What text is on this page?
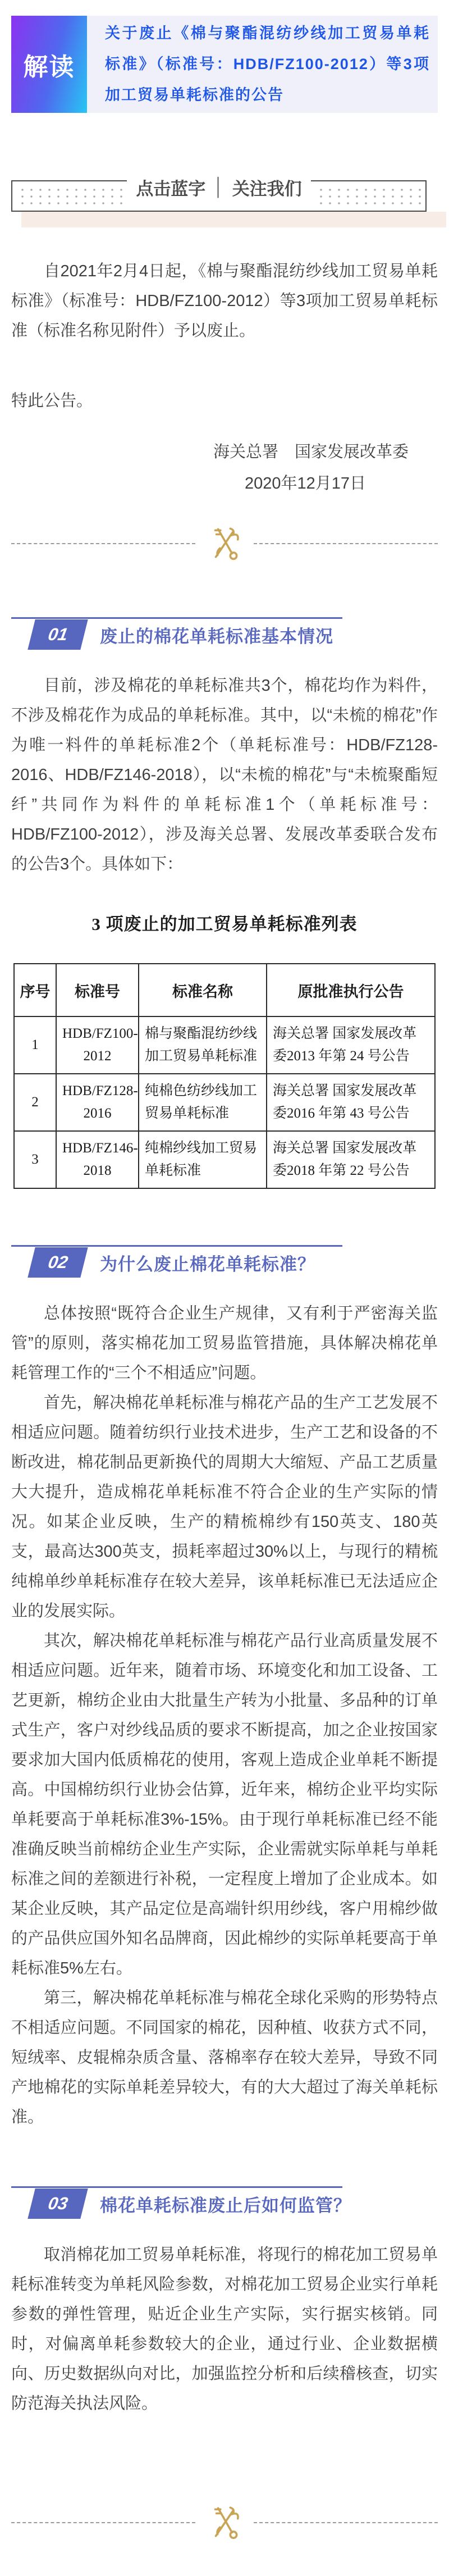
解读
关于废止《棉与聚酯混纺纱线加工贸易单耗标准》（标准号：HDB/FZ100-2012）等3项加工贸易单耗标准的公告
点击蓝字 │ 关注我们

自2021年2月4日起，《棉与聚酯混纺纱线加工贸易单耗标准》（标准号：HDB/FZ100-2012）等3项加工贸易单耗标准（标准名称见附件）予以废止。

特此公告。

海关总署　国家发展改革委
2020年12月17日
01 废止的棉花单耗标准基本情况

目前，涉及棉花的单耗标准共3个，棉花均作为料件，不涉及棉花作为成品的单耗标准。其中，以“未梳的棉花”作为唯一料件的单耗标准2个（单耗标准号：HDB/FZ128-2016、HDB/FZ146-2018），以“未梳的棉花”与“未梳聚酯短纤”共同作为料件的单耗标准1个（单耗标准号：HDB/FZ100-2012），涉及海关总署、发展改革委联合发布的公告3个。具体如下：

3 项废止的加工贸易单耗标准列表
序号	标准号	标准名称	原批准执行公告
1	HDB/FZ100-2012	棉与聚酯混纺纱线加工贸易单耗标准	海关总署 国家发展改革委2013 年第 24 号公告
2	HDB/FZ128-2016	纯棉色纺纱线加工贸易单耗标准	海关总署 国家发展改革委2016 年第 43 号公告
3	HDB/FZ146-2018	纯棉纱线加工贸易单耗标准	海关总署 国家发展改革委2018 年第 22 号公告
02 为什么废止棉花单耗标准？

总体按照“既符合企业生产规律，又有利于严密海关监管”的原则，落实棉花加工贸易监管措施，具体解决棉花单耗管理工作的“三个不相适应”问题。

首先，解决棉花单耗标准与棉花产品的生产工艺发展不相适应问题。随着纺织行业技术进步，生产工艺和设备的不断改进，棉花制品更新换代的周期大大缩短、产品工艺质量大大提升，造成棉花单耗标准不符合企业的生产实际的情况。如某企业反映，生产的精梳棉纱有150英支、180英支，最高达300英支，损耗率超过30%以上，与现行的精梳纯棉单纱单耗标准存在较大差异，该单耗标准已无法适应企业的发展实际。

其次，解决棉花单耗标准与棉花产品行业高质量发展不相适应问题。近年来，随着市场、环境变化和加工设备、工艺更新，棉纺企业由大批量生产转为小批量、多品种的订单式生产，客户对纱线品质的要求不断提高，加之企业按国家要求加大国内低质棉花的使用，客观上造成企业单耗不断提高。中国棉纺织行业协会估算，近年来，棉纺企业平均实际单耗要高于单耗标准3%-15%。由于现行单耗标准已经不能准确反映当前棉纺企业生产实际，企业需就实际单耗与单耗标准之间的差额进行补税，一定程度上增加了企业成本。如某企业反映，其产品定位是高端针织用纱线，客户用棉纱做的产品供应国外知名品牌商，因此棉纱的实际单耗要高于单耗标准5%左右。

第三，解决棉花单耗标准与棉花全球化采购的形势特点不相适应问题。不同国家的棉花，因种植、收获方式不同，短绒率、皮辊棉杂质含量、落棉率存在较大差异，导致不同产地棉花的实际单耗差异较大，有的大大超过了海关单耗标准。

03 棉花单耗标准废止后如何监管？

取消棉花加工贸易单耗标准，将现行的棉花加工贸易单耗标准转变为单耗风险参数，对棉花加工贸易企业实行单耗参数的弹性管理，贴近企业生产实际，实行据实核销。同时，对偏离单耗参数较大的企业，通过行业、企业数据横向、历史数据纵向对比，加强监控分析和后续稽核查，切实防范海关执法风险。
